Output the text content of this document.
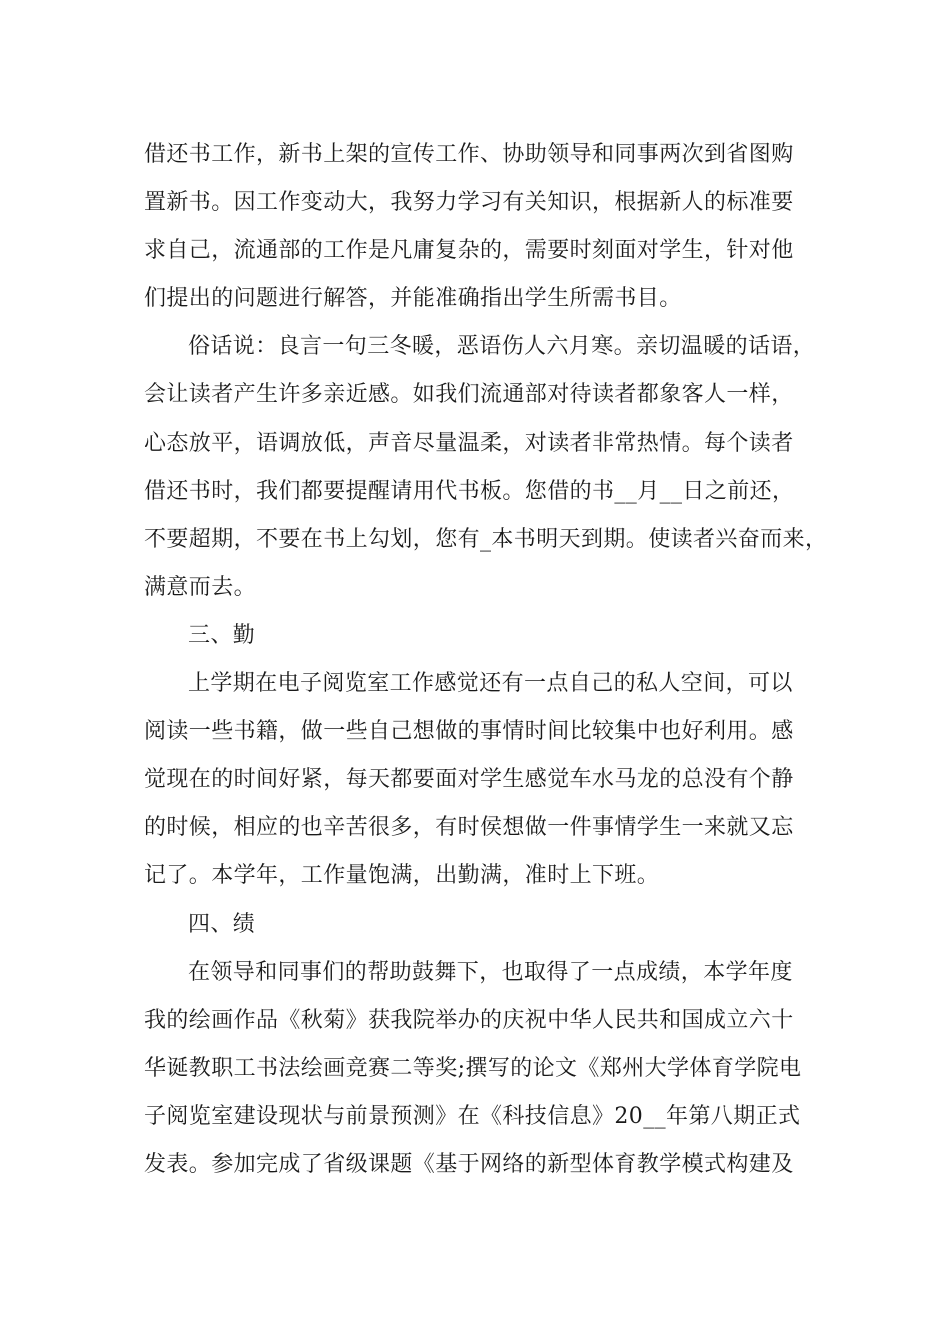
借还书工作，新书上架的宣传工作、协助领导和同事两次到省图购
置新书。因工作变动大，我努力学习有关知识，根据新人的标准要
求自己，流通部的工作是凡庸复杂的，需要时刻面对学生，针对他
们提出的问题进行解答，并能准确指出学生所需书目。
俗话说：良言一句三冬暖，恶语伤人六月寒。亲切温暖的话语，
会让读者产生许多亲近感。如我们流通部对待读者都象客人一样，
心态放平，语调放低，声音尽量温柔，对读者非常热情。每个读者
借还书时，我们都要提醒请用代书板。您借的书__月__日之前还，
不要超期，不要在书上勾划，您有_本书明天到期。使读者兴奋而来，
满意而去。
三、勤
上学期在电子阅览室工作感觉还有一点自己的私人空间，可以
阅读一些书籍，做一些自己想做的事情时间比较集中也好利用。感
觉现在的时间好紧，每天都要面对学生感觉车水马龙的总没有个静
的时候，相应的也辛苦很多，有时侯想做一件事情学生一来就又忘
记了。本学年，工作量饱满，出勤满，准时上下班。
四、绩
在领导和同事们的帮助鼓舞下，也取得了一点成绩，本学年度
我的绘画作品《秋菊》获我院举办的庆祝中华人民共和国成立六十
华诞教职工书法绘画竞赛二等奖;撰写的论文《郑州大学体育学院电
子阅览室建设现状与前景预测》在《科技信息》20__年第八期正式
发表。参加完成了省级课题《基于网络的新型体育教学模式构建及
